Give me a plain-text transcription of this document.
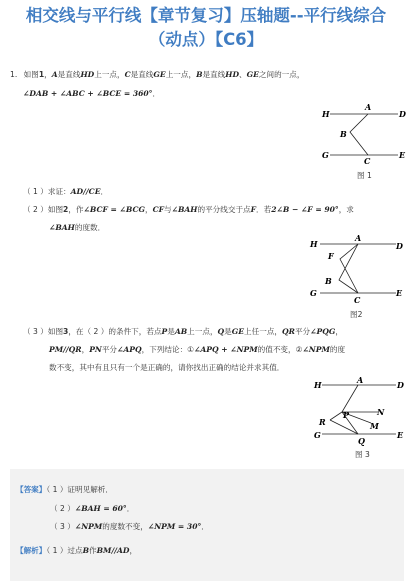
相交线与平行线【章节复习】压轴题--平行线综合
（动点）【C6】
1. 如图1，A是直线HD上一点，C是直线GE上一点，B是直线HD、GE之间的一点，
∠DAB + ∠ABC + ∠BCE = 360°．
H
A
D
B
G
C
E
图 1
（ 1 ）求证：AD//CE．
（ 2 ）如图2，作∠BCF = ∠BCG，CF与∠BAH的平分线交于点F．若2∠B − ∠F = 90°，求
∠BAH的度数．
H
A
D
F
B
G
C
E
图2
（ 3 ）如图3，在（ 2 ）的条件下，若点P是AB上一点，Q是GE上任一点，QR平分∠PQG，
PM//QR，PN平分∠APQ，下列结论：①∠APQ + ∠NPM的值不变，②∠NPM的度
数不变，其中有且只有一个是正确的，请你找出正确的结论并求其值．
H	A	D
N
P
R	M
G
Q
E
图 3
【答案】（ 1 ）证明见解析．
（ 2 ）∠BAH = 60°．
（ 3 ）∠NPM的度数不变，∠NPM = 30°．
【解析】（ 1 ）过点B作BM//AD，
